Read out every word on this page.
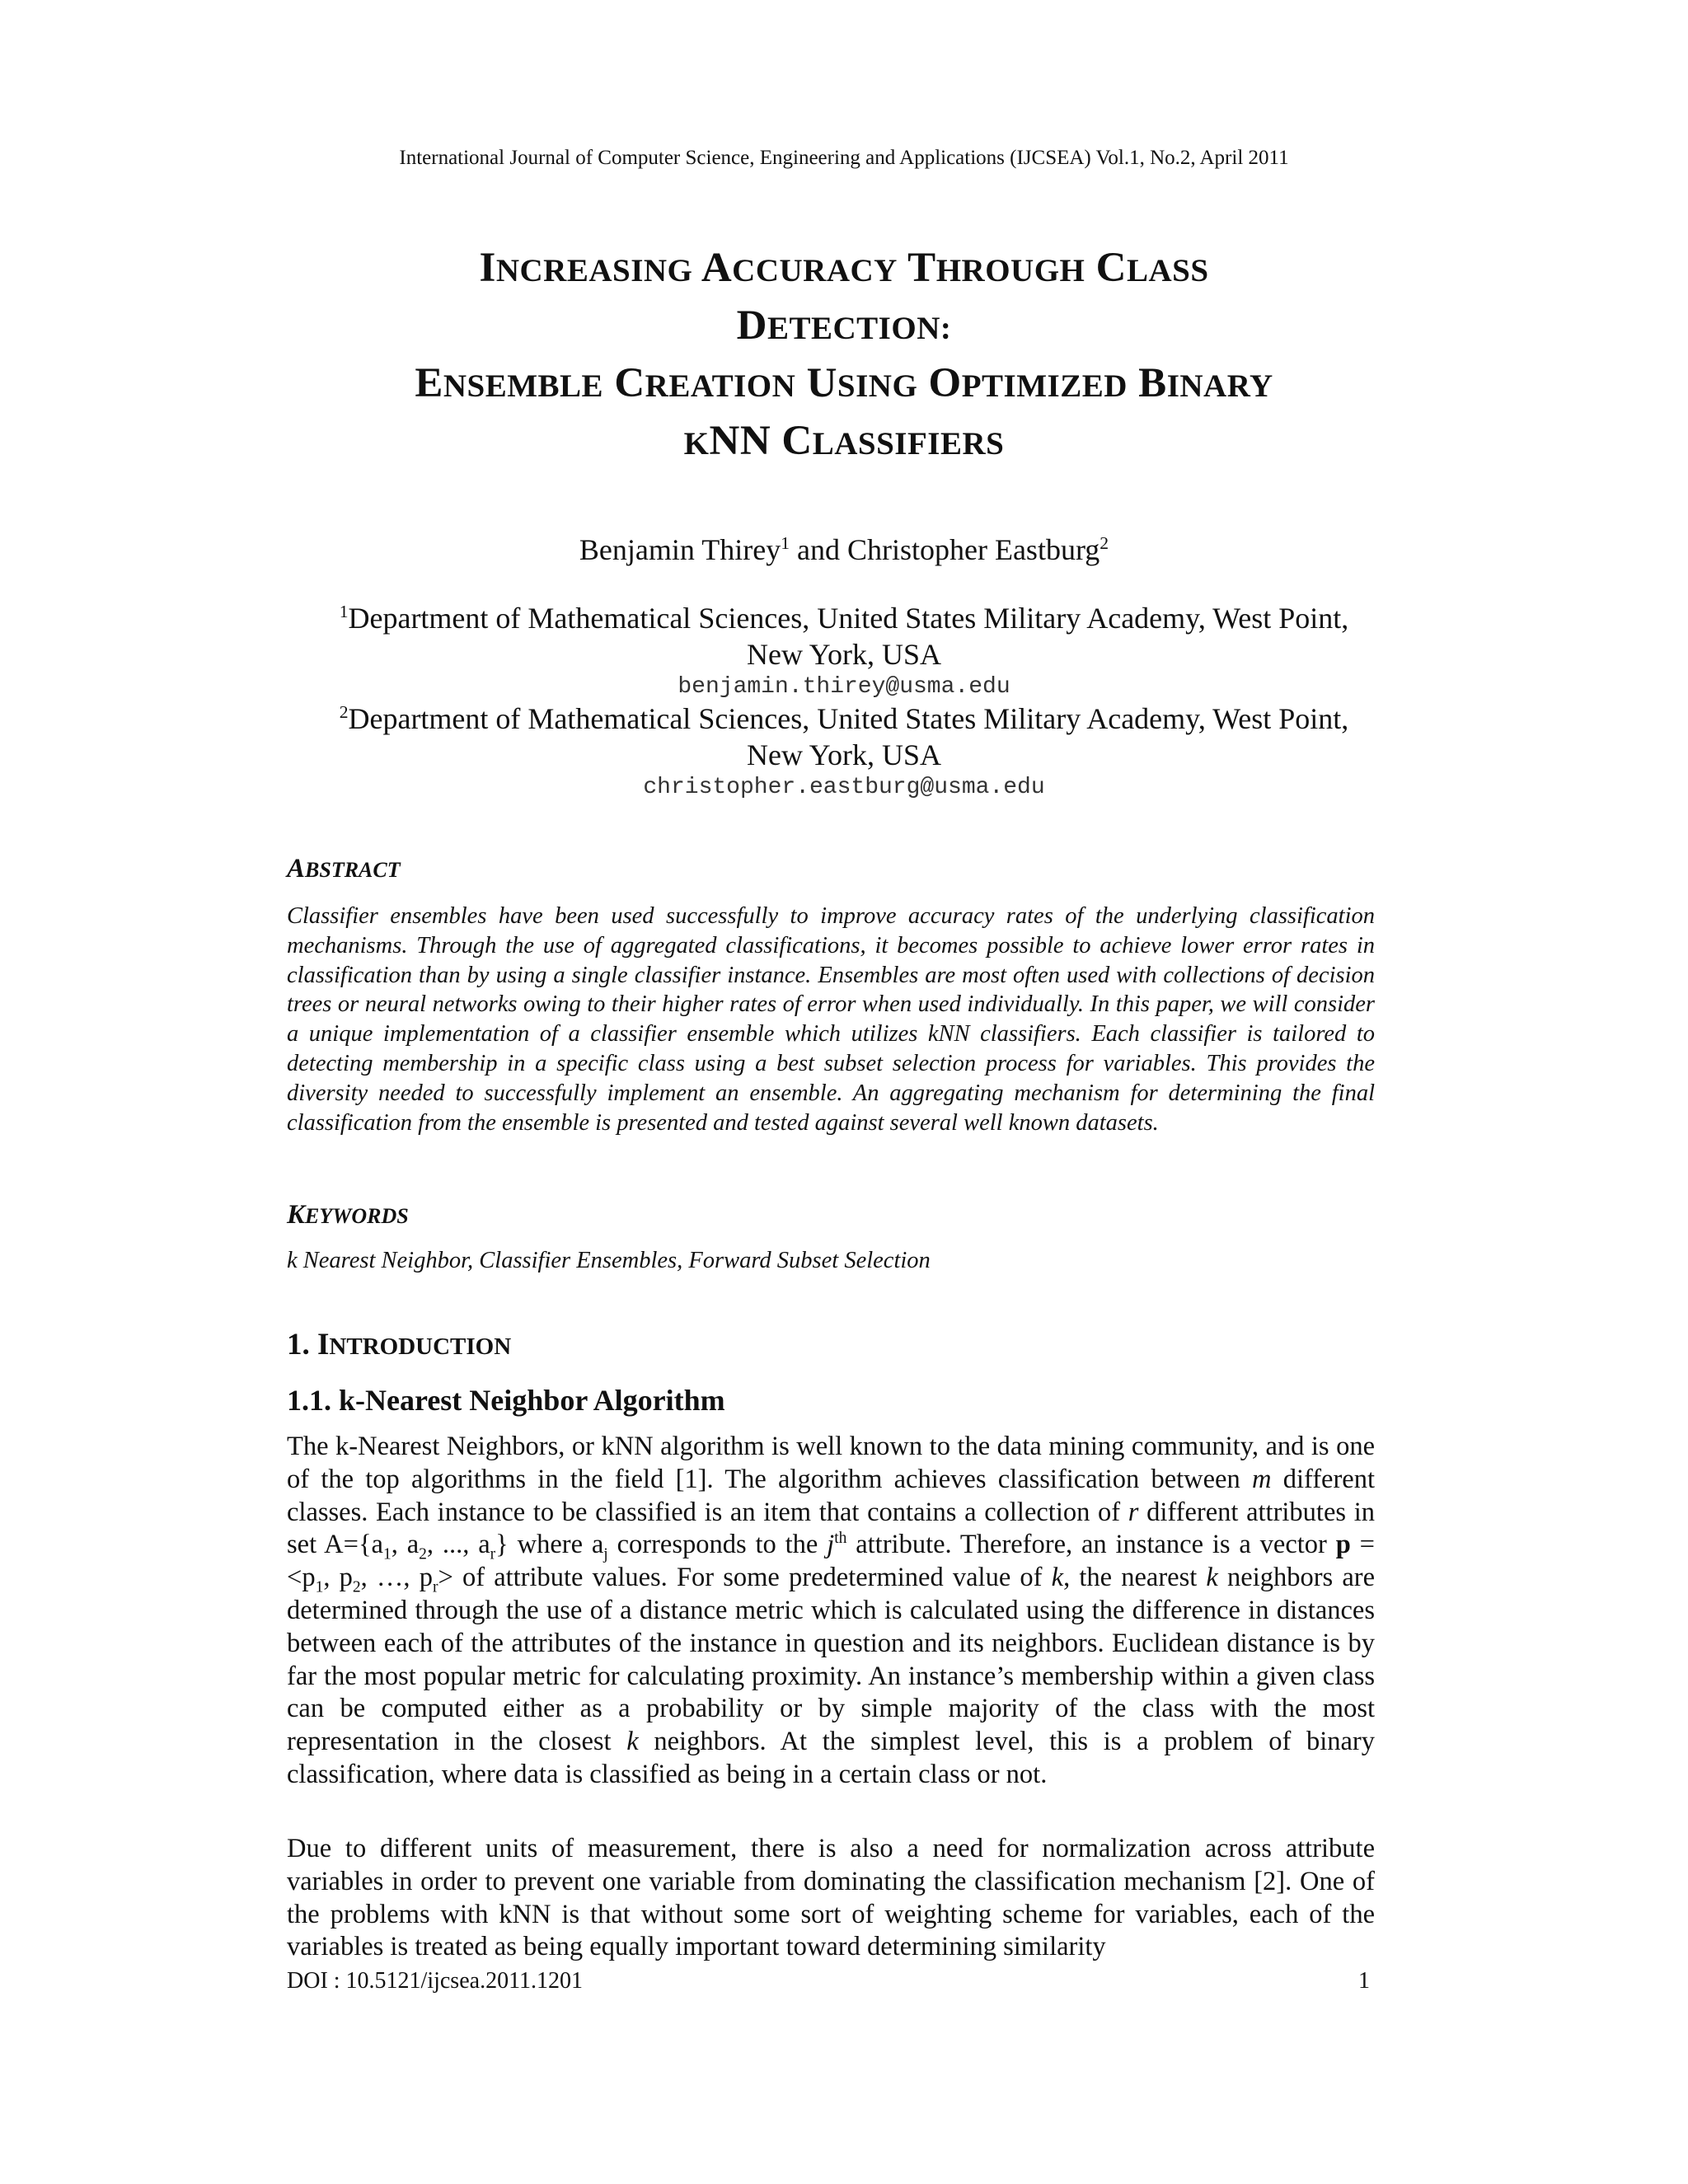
International Journal of Computer Science, Engineering and Applications (IJCSEA) Vol.1, No.2, April 2011
INCREASING ACCURACY THROUGH CLASS
DETECTION:
ENSEMBLE CREATION USING OPTIMIZED BINARY
KNN CLASSIFIERS
Benjamin Thirey$^1$ and Christopher Eastburg$^2$
$^1$Department of Mathematical Sciences, United States Military Academy, West Point,
New York, USA
benjamin.thirey@usma.edu
$^2$Department of Mathematical Sciences, United States Military Academy, West Point,
New York, USA
christopher.eastburg@usma.edu
ABSTRACT
Classifier ensembles have been used successfully to improve accuracy rates of the underlying classification mechanisms. Through the use of aggregated classifications, it becomes possible to achieve lower error rates in classification than by using a single classifier instance. Ensembles are most often used with collections of decision trees or neural networks owing to their higher rates of error when used individually. In this paper, we will consider a unique implementation of a classifier ensemble which utilizes kNN classifiers. Each classifier is tailored to detecting membership in a specific class using a best subset selection process for variables. This provides the diversity needed to successfully implement an ensemble. An aggregating mechanism for determining the final classification from the ensemble is presented and tested against several well known datasets.
KEYWORDS
k Nearest Neighbor, Classifier Ensembles, Forward Subset Selection
1. INTRODUCTION
1.1. k-Nearest Neighbor Algorithm
The k-Nearest Neighbors, or kNN algorithm is well known to the data mining community, and is one of the top algorithms in the field [1]. The algorithm achieves classification between m different classes. Each instance to be classified is an item that contains a collection of r different attributes in set $A=\{a_1$, $a_2$, ..., $a_r$} where $a_j$ corresponds to the $j^{th}$ attribute. Therefore, an instance is a vector $p = <p_1$, $p_2$, …, $p_r>$ of attribute values. For some predetermined value of k, the nearest k neighbors are determined through the use of a distance metric which is calculated using the difference in distances between each of the attributes of the instance in question and its neighbors. Euclidean distance is by far the most popular metric for calculating proximity. An instance’s membership within a given class can be computed either as a probability or by simple majority of the class with the most representation in the closest k neighbors. At the simplest level, this is a problem of binary classification, where data is classified as being in a certain class or not.
Due to different units of measurement, there is also a need for normalization across attribute variables in order to prevent one variable from dominating the classification mechanism [2]. One of the problems with kNN is that without some sort of weighting scheme for variables, each of the variables is treated as being equally important toward determining similarity
DOI : 10.5121/ijcsea.2011.1201	1
